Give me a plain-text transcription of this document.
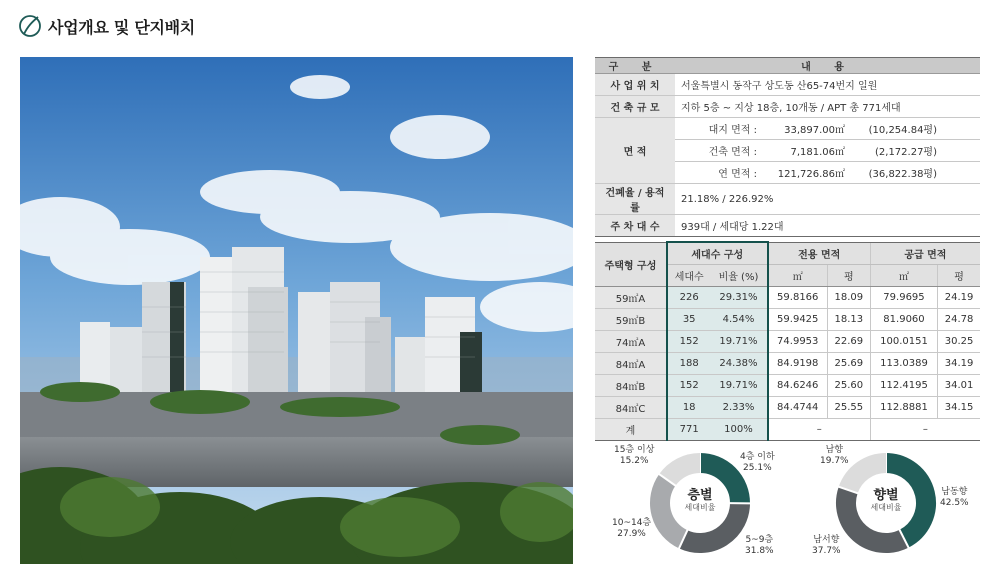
사업개요 및 단지배치
구 분	내 용
사 업 위 치	서울특별시 동작구 상도동 산65-74번지 일원
건 축 규 모	지하 5층 ~ 지상 18층, 10개동 / APT 총 771세대
면 적	대지 면적 : 33,897.00㎡ (10,254.84평)

	건축 면적 : 7,181.06㎡ (2,172.27평)

	연 면적 : 121,726.86㎡ (36,822.38평)

건폐율 / 용적률	21.18% / 226.92%
주 차 대 수	939대 / 세대당 1.22대
주택형 구성	세대수 구성		전용 면적		공급 면적	
	세대수	비율 (%)	㎡	평	㎡	평
59㎡A	226	29.31%	59.8166	18.09	79.9695	24.19
59㎡B	35	4.54%	59.9425	18.13	81.9060	24.78
74㎡A	152	19.71%	74.9953	22.69	100.0151	30.25
84㎡A	188	24.38%	84.9198	25.69	113.0389	34.19
84㎡B	152	19.71%	84.6246	25.60	112.4195	34.01
84㎡C	18	2.33%	84.4744	25.55	112.8881	34.15
계	771	100%	–		–	
층별
세대비율
4층 이하
25.1%
5~9층
31.8%
10~14층
27.9%
15층 이상
15.2%
향별
세대비율
남동향
42.5%
남서향
37.7%
남향
19.7%
